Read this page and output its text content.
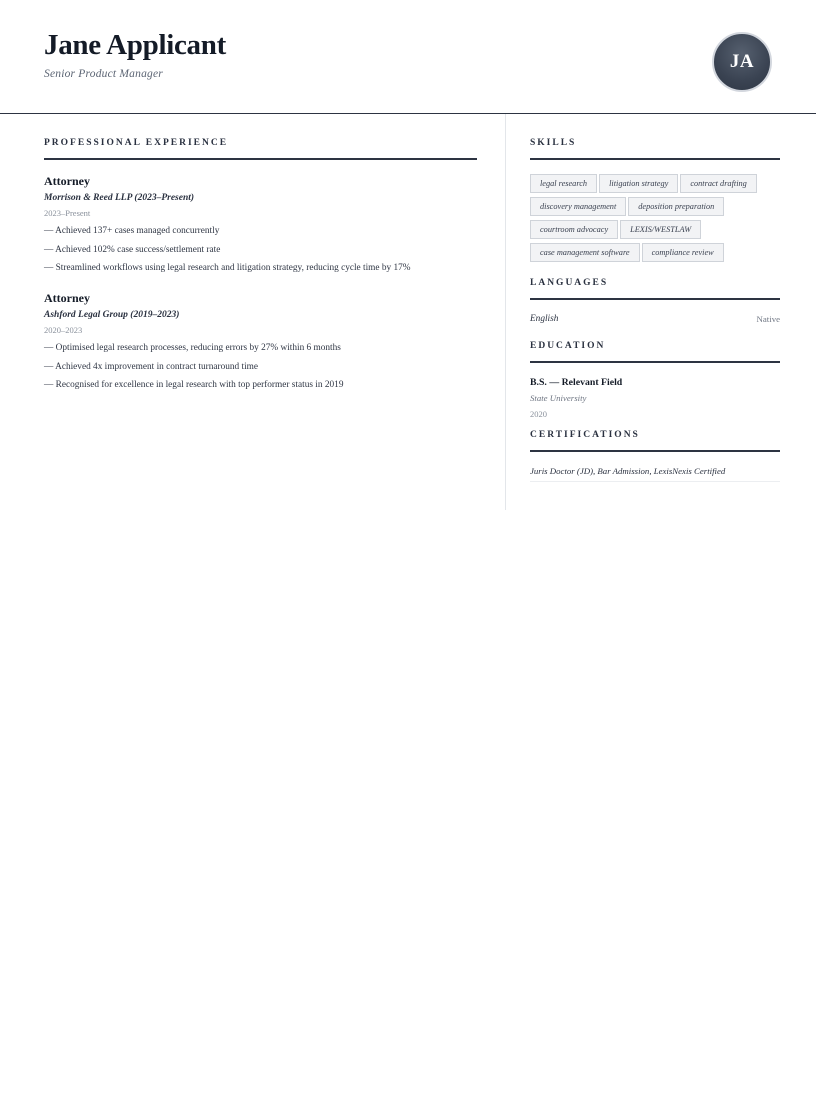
Jane Applicant
Senior Product Manager
JA
PROFESSIONAL EXPERIENCE
Attorney
Morrison & Reed LLP (2023–Present)
2023–Present
— Achieved 137+ cases managed concurrently
— Achieved 102% case success/settlement rate
— Streamlined workflows using legal research and litigation strategy, reducing cycle time by 17%
Attorney
Ashford Legal Group (2019–2023)
2020–2023
— Optimised legal research processes, reducing errors by 27% within 6 months
— Achieved 4x improvement in contract turnaround time
— Recognised for excellence in legal research with top performer status in 2019
SKILLS
legal research	litigation strategy	contract drafting
discovery management	deposition preparation
courtroom advocacy	LEXIS/WESTLAW
case management software	compliance review
LANGUAGES
English	Native
EDUCATION
B.S. — Relevant Field
State University
2020
CERTIFICATIONS
Juris Doctor (JD), Bar Admission, LexisNexis Certified
